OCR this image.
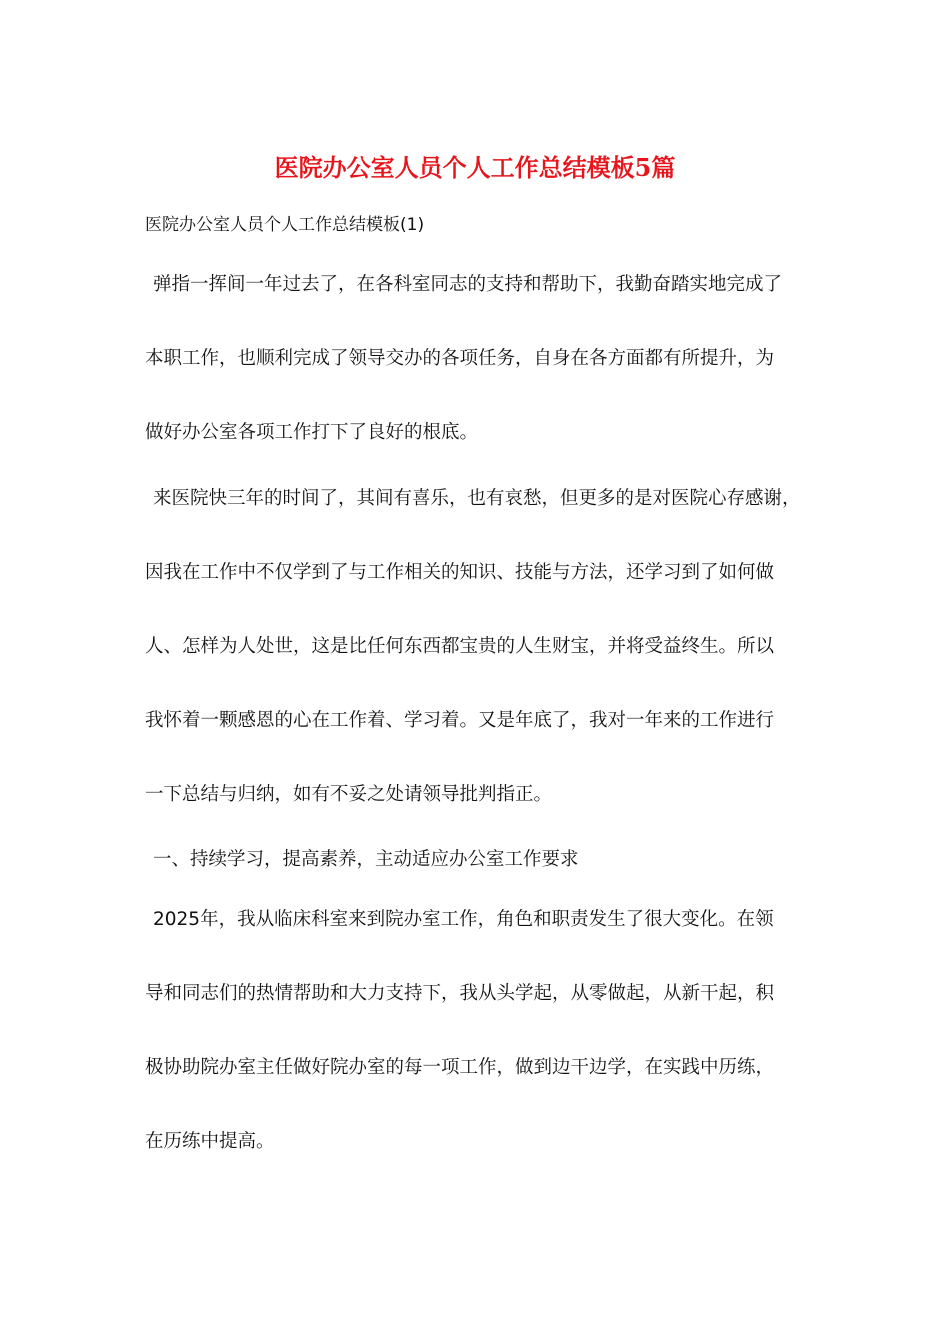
医院办公室人员个人工作总结模板5篇

医院办公室人员个人工作总结模板(1)

弹指一挥间一年过去了，在各科室同志的支持和帮助下，我勤奋踏实地完成了
本职工作，也顺利完成了领导交办的各项任务，自身在各方面都有所提升，为
做好办公室各项工作打下了良好的根底。
来医院快三年的时间了，其间有喜乐，也有哀愁，但更多的是对医院心存感谢，
因我在工作中不仅学到了与工作相关的知识、技能与方法，还学习到了如何做
人、怎样为人处世，这是比任何东西都宝贵的人生财宝，并将受益终生。所以
我怀着一颗感恩的心在工作着、学习着。又是年底了，我对一年来的工作进行
一下总结与归纳，如有不妥之处请领导批判指正。

一、持续学习，提高素养，主动适应办公室工作要求

2025年，我从临床科室来到院办室工作，角色和职责发生了很大变化。在领
导和同志们的热情帮助和大力支持下，我从头学起，从零做起，从新干起，积
极协助院办室主任做好院办室的每一项工作，做到边干边学，在实践中历练，
在历练中提高。
